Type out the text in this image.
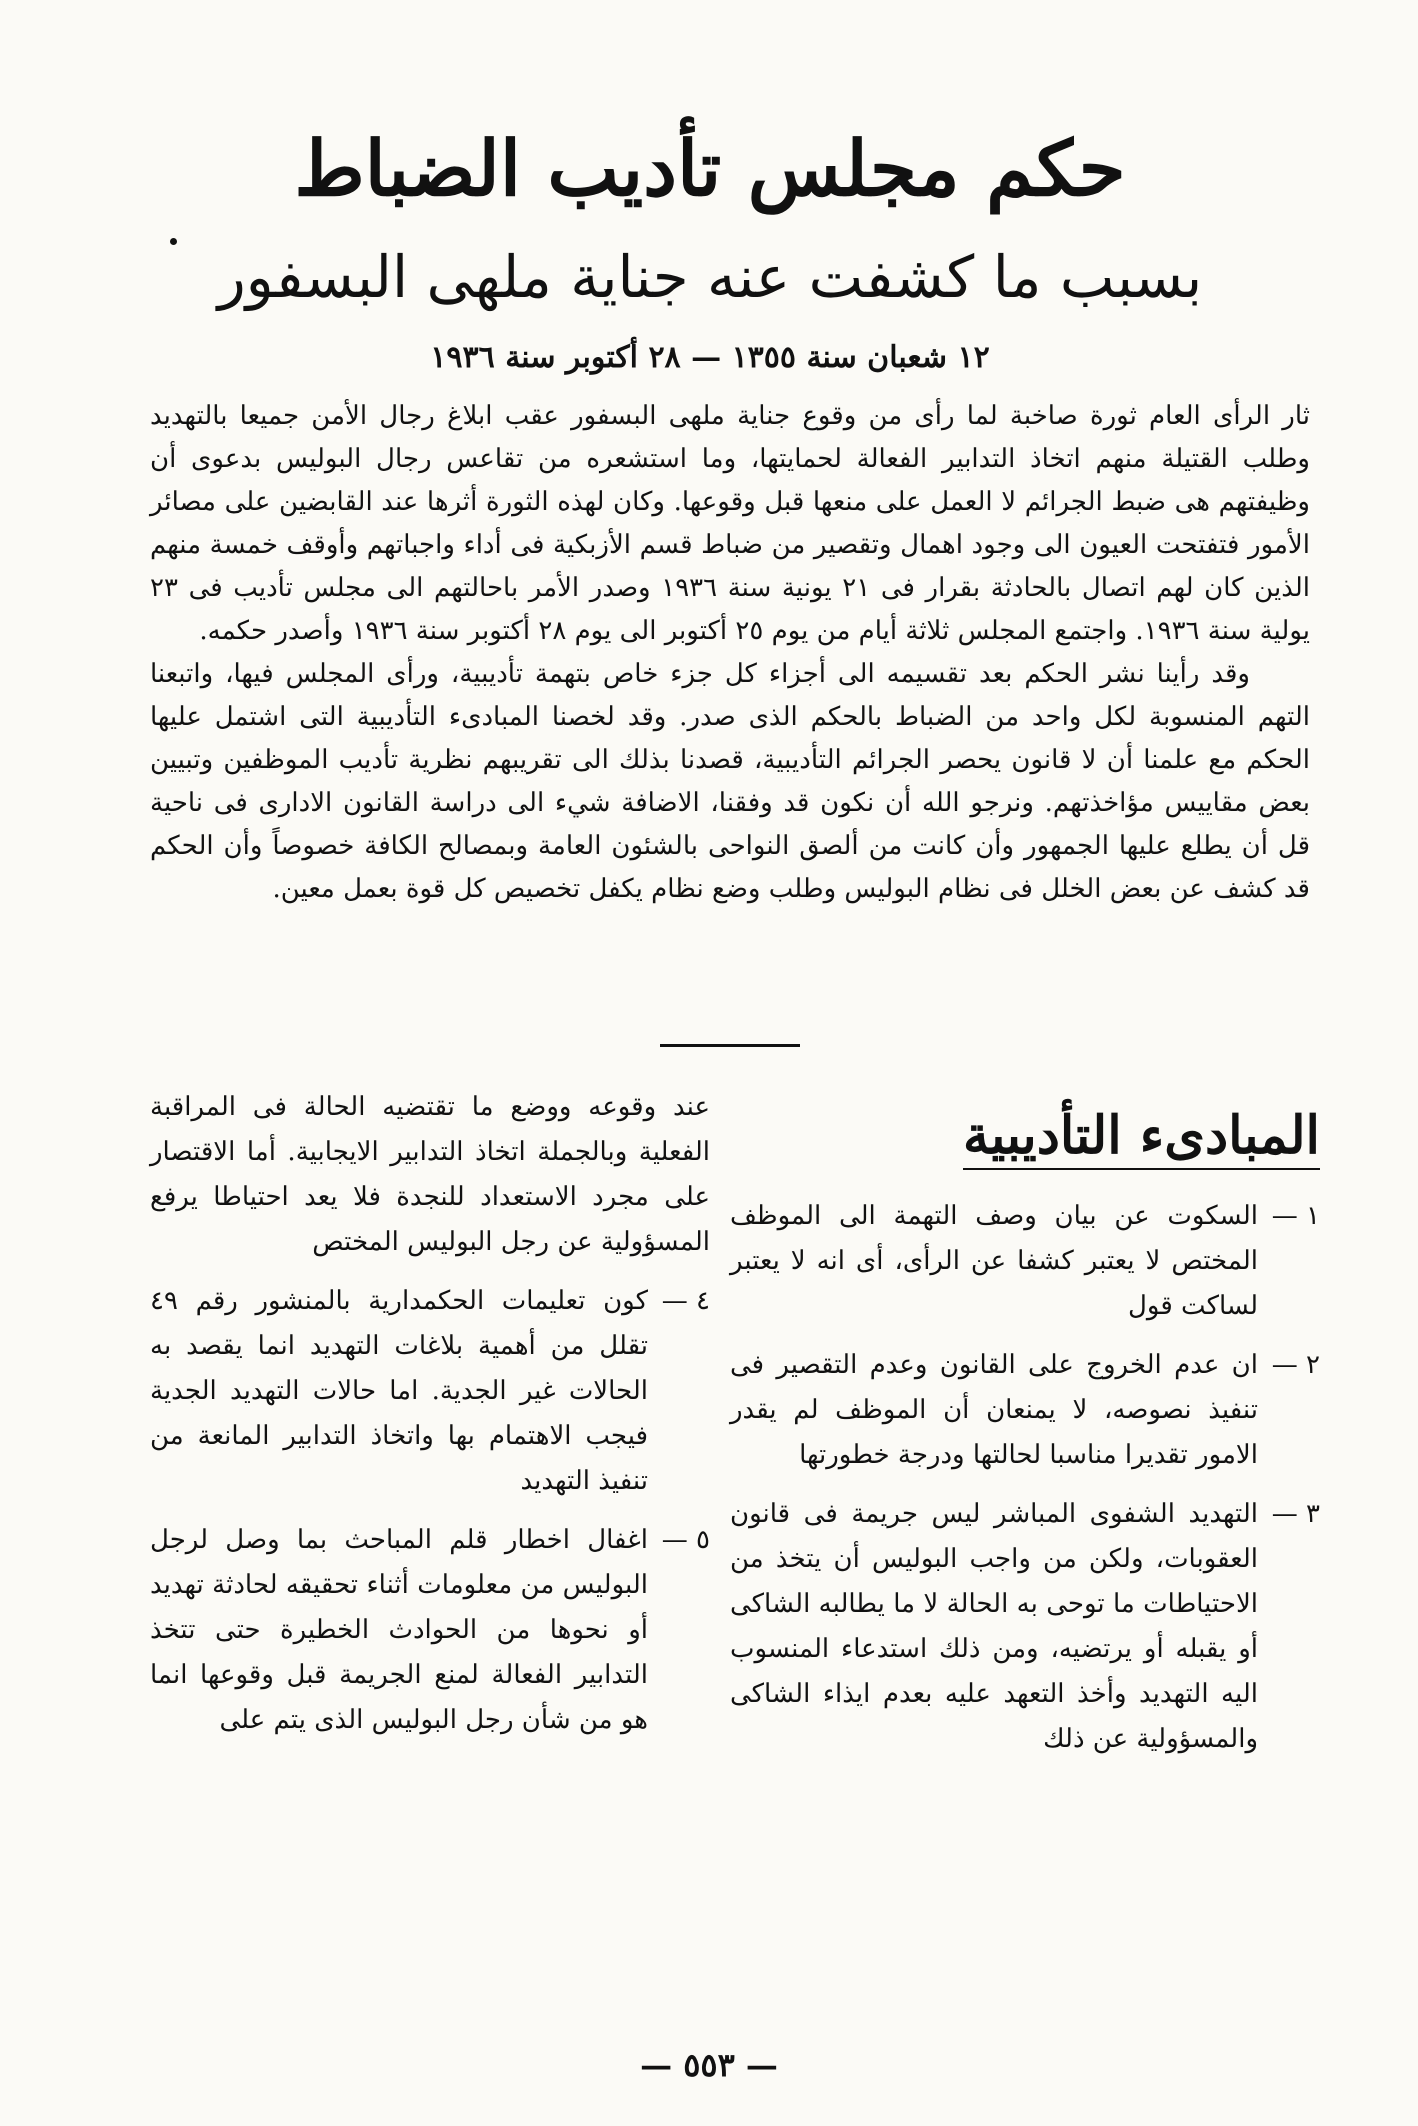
حكم مجلس تأديب الضباط
بسبب ما كشفت عنه جناية ملهى البسفور
١٢ شعبان سنة ١٣٥٥ — ٢٨ أكتوبر سنة ١٩٣٦

ثار الرأى العام ثورة صاخبة لما رأى من وقوع جناية ملهى البسفور عقب ابلاغ رجال الأمن جميعا بالتهديد وطلب القتيلة منهم اتخاذ التدابير الفعالة لحمايتها، وما استشعره من تقاعس رجال البوليس بدعوى أن وظيفتهم هى ضبط الجرائم لا العمل على منعها قبل وقوعها. وكان لهذه الثورة أثرها عند القابضين على مصائر الأمور فتفتحت العيون الى وجود اهمال وتقصير من ضباط قسم الأزبكية فى أداء واجباتهم وأوقف خمسة منهم الذين كان لهم اتصال بالحادثة بقرار فى ٢١ يونية سنة ١٩٣٦ وصدر الأمر باحالتهم الى مجلس تأديب فى ٢٣ يولية سنة ١٩٣٦. واجتمع المجلس ثلاثة أيام من يوم ٢٥ أكتوبر الى يوم ٢٨ أكتوبر سنة ١٩٣٦ وأصدر حكمه.

وقد رأينا نشر الحكم بعد تقسيمه الى أجزاء كل جزء خاص بتهمة تأديبية، ورأى المجلس فيها، واتبعنا التهم المنسوبة لكل واحد من الضباط بالحكم الذى صدر. وقد لخصنا المبادىء التأديبية التى اشتمل عليها الحكم مع علمنا أن لا قانون يحصر الجرائم التأديبية، قصدنا بذلك الى تقريبهم نظرية تأديب الموظفين وتبيين بعض مقاييس مؤاخذتهم. ونرجو الله أن نكون قد وفقنا، الاضافة شيء الى دراسة القانون الادارى فى ناحية قل أن يطلع عليها الجمهور وأن كانت من ألصق النواحى بالشئون العامة وبمصالح الكافة خصوصاً وأن الحكم قد كشف عن بعض الخلل فى نظام البوليس وطلب وضع نظام يكفل تخصيص كل قوة بعمل معين.

المبادىء التأديبية
١ —
السكوت عن بيان وصف التهمة الى الموظف المختص لا يعتبر كشفا عن الرأى، أى انه لا يعتبر لساكت قول
٢ —
ان عدم الخروج على القانون وعدم التقصير فى تنفيذ نصوصه، لا يمنعان أن الموظف لم يقدر الامور تقديرا مناسبا لحالتها ودرجة خطورتها
٣ —
التهديد الشفوى المباشر ليس جريمة فى قانون العقوبات، ولكن من واجب البوليس أن يتخذ من الاحتياطات ما توحى به الحالة لا ما يطالبه الشاكى أو يقبله أو يرتضيه، ومن ذلك استدعاء المنسوب اليه التهديد وأخذ التعهد عليه بعدم ايذاء الشاكى والمسؤولية عن ذلك
عند وقوعه ووضع ما تقتضيه الحالة فى المراقبة الفعلية وبالجملة اتخاذ التدابير الايجابية. أما الاقتصار على مجرد الاستعداد للنجدة فلا يعد احتياطا يرفع المسؤولية عن رجل البوليس المختص
٤ —
كون تعليمات الحكمدارية بالمنشور رقم ٤٩ تقلل من أهمية بلاغات التهديد انما يقصد به الحالات غير الجدية. اما حالات التهديد الجدية فيجب الاهتمام بها واتخاذ التدابير المانعة من تنفيذ التهديد
٥ —
اغفال اخطار قلم المباحث بما وصل لرجل البوليس من معلومات أثناء تحقيقه لحادثة تهديد أو نحوها من الحوادث الخطيرة حتى تتخذ التدابير الفعالة لمنع الجريمة قبل وقوعها انما هو من شأن رجل البوليس الذى يتم على
— ٥٥٣ —
